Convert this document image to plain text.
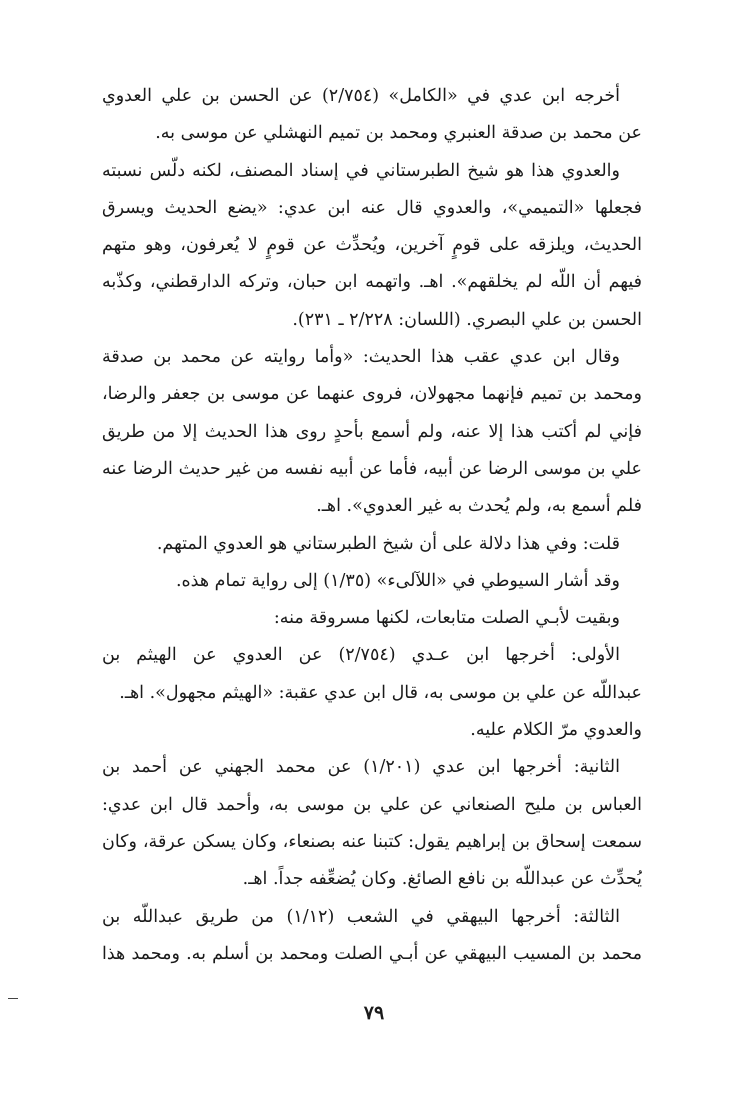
أخرجه ابن عدي في «الكامل» (٢/٧٥٤) عن الحسن بن علي العدوي
عن محمد بن صدقة العنبري ومحمد بن تميم النهشلي عن موسى به.
والعدوي هذا هو شيخ الطبرستاني في إسناد المصنف، لكنه دلّس نسبته
فجعلها «التميمي»، والعدوي قال عنه ابن عدي: «يضع الحديث ويسرق
الحديث، ويلزقه على قومٍ آخرين، ويُحدِّث عن قومٍ لا يُعرفون، وهو متهم
فيهم أن اللّه لم يخلقهم». اهـ. واتهمه ابن حبان، وتركه الدارقطني، وكذّبه
الحسن بن علي البصري. (اللسان: ٢/٢٢٨ ـ ٢٣١).
وقال ابن عدي عقب هذا الحديث: «وأما روايته عن محمد بن صدقة
ومحمد بن تميم فإنهما مجهولان، فروى عنهما عن موسى بن جعفر والرضا،
فإني لم أكتب هذا إلا عنه، ولم أسمع بأحدٍ روى هذا الحديث إلا من طريق
علي بن موسى الرضا عن أبيه، فأما عن أبيه نفسه من غير حديث الرضا عنه
فلم أسمع به، ولم يُحدث به غير العدوي». اهـ.
قلت: وفي هذا دلالة على أن شيخ الطبرستاني هو العدوي المتهم.
وقد أشار السيوطي في «اللآلىء» (١/٣٥) إلى رواية تمام هذه.
وبقيت لأبـي الصلت متابعات، لكنها مسروقة منه:
الأولى: أخرجها ابن عـدي (٢/٧٥٤) عن العدوي عن الهيثم بن
عبداللّه عن علي بن موسى به، قال ابن عدي عقبة: «الهيثم مجهول». اهـ.
والعدوي مرّ الكلام عليه.
الثانية: أخرجها ابن عدي (١/٢٠١) عن محمد الجهني عن أحمد بن
العباس بن مليح الصنعاني عن علي بن موسى به، وأحمد قال ابن عدي:
سمعت إسحاق بن إبراهيم يقول: كتبنا عنه بصنعاء، وكان يسكن عرقة، وكان
يُحدِّث عن عبداللّه بن نافع الصائغ. وكان يُضعِّفه جداً. اهـ.
الثالثة: أخرجها البيهقي في الشعب (١/١٢) من طريق عبداللّه بن
محمد بن المسيب البيهقي عن أبـي الصلت ومحمد بن أسلم به. ومحمد هذا
٧٩
